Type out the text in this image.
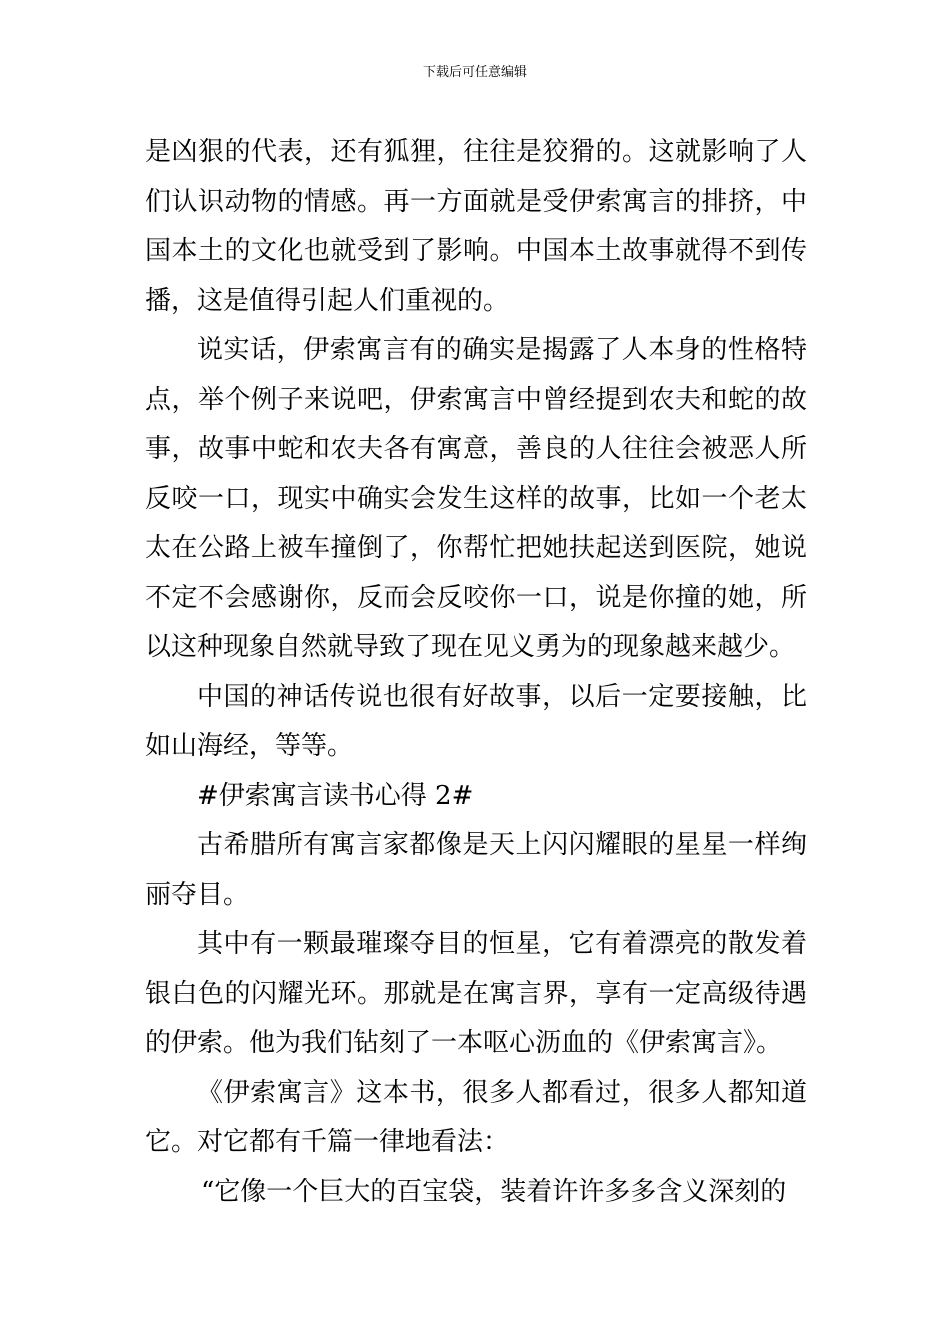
下载后可任意编辑

是凶狠的代表，还有狐狸，往往是狡猾的。这就影响了人们认识动物的情感。再一方面就是受伊索寓言的排挤，中国本土的文化也就受到了影响。中国本土故事就得不到传播，这是值得引起人们重视的。

说实话，伊索寓言有的确实是揭露了人本身的性格特点，举个例子来说吧，伊索寓言中曾经提到农夫和蛇的故事，故事中蛇和农夫各有寓意，善良的人往往会被恶人所反咬一口，现实中确实会发生这样的故事，比如一个老太太在公路上被车撞倒了，你帮忙把她扶起送到医院，她说不定不会感谢你，反而会反咬你一口，说是你撞的她，所以这种现象自然就导致了现在见义勇为的现象越来越少。

中国的神话传说也很有好故事，以后一定要接触，比如山海经，等等。

#伊索寓言读书心得 2#

古希腊所有寓言家都像是天上闪闪耀眼的星星一样绚丽夺目。

其中有一颗最璀璨夺目的恒星，它有着漂亮的散发着银白色的闪耀光环。那就是在寓言界，享有一定高级待遇的伊索。他为我们钻刻了一本呕心沥血的《伊索寓言》。

《伊索寓言》这本书，很多人都看过，很多人都知道它。对它都有千篇一律地看法：

“它像一个巨大的百宝袋，装着许许多多含义深刻的
